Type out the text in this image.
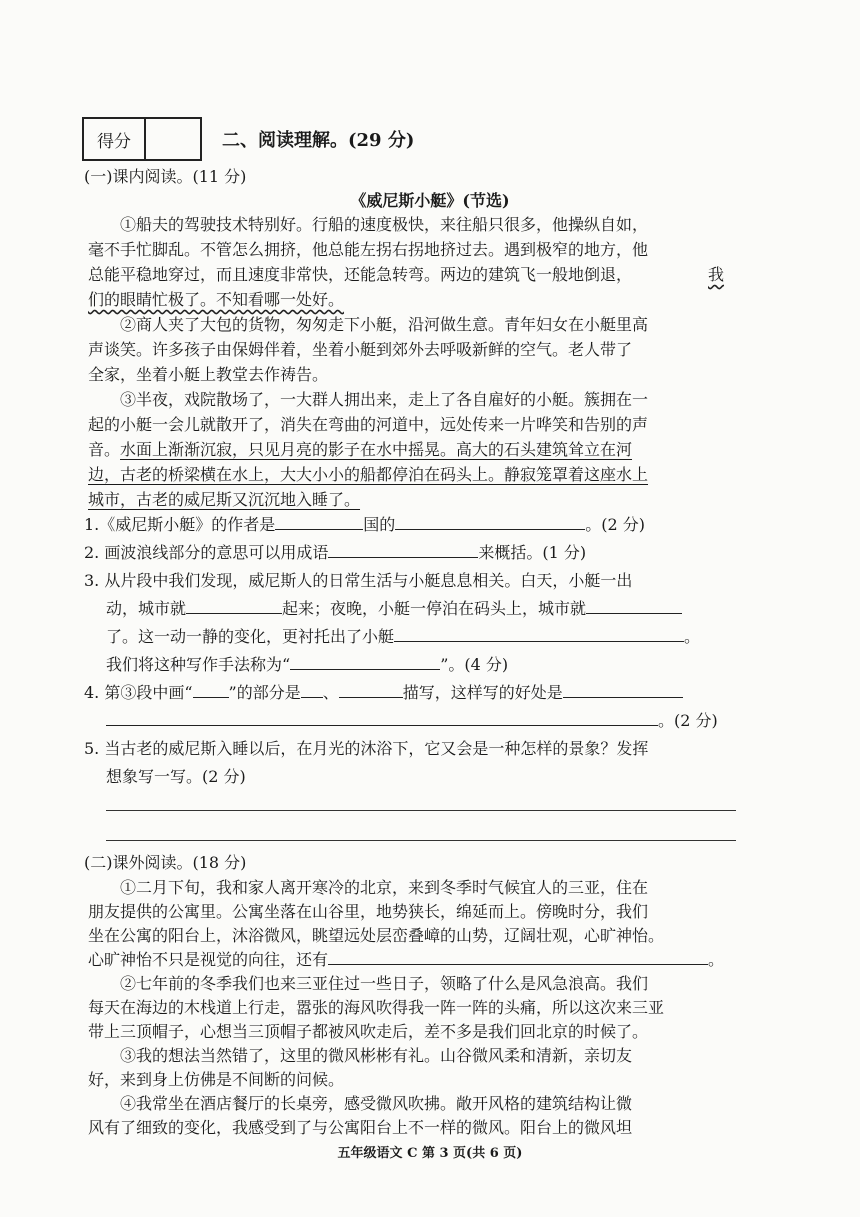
得分	二、阅读理解。(29 分)
(一)课内阅读。(11 分)
《威尼斯小艇》(节选)
①船夫的驾驶技术特别好。行船的速度极快，来往船只很多，他操纵自如，
毫不手忙脚乱。不管怎么拥挤，他总能左拐右拐地挤过去。遇到极窄的地方，他
总能平稳地穿过，而且速度非常快，还能急转弯。两边的建筑飞一般地倒退，	我
们的眼睛忙极了。不知看哪一处好。
②商人夹了大包的货物，匆匆走下小艇，沿河做生意。青年妇女在小艇里高
声谈笑。许多孩子由保姆伴着，坐着小艇到郊外去呼吸新鲜的空气。老人带了
全家，坐着小艇上教堂去作祷告。
③半夜，戏院散场了，一大群人拥出来，走上了各自雇好的小艇。簇拥在一
起的小艇一会儿就散开了，消失在弯曲的河道中，远处传来一片哗笑和告别的声
音。 水面上渐渐沉寂，只见月亮的影子在水中摇晃。高大的石头建筑耸立在河
边，古老的桥梁横在水上，大大小小的船都停泊在码头上。静寂笼罩着这座水上
城市，古老的威尼斯又沉沉地入睡了。
1.《威尼斯小艇》的作者是	国的	。(2 分)
2. 画波浪线部分的意思可以用成语	来概括。(1 分)
3. 从片段中我们发现，威尼斯人的日常生活与小艇息息相关。白天，小艇一出
动，城市就	起来；夜晚，小艇一停泊在码头上，城市就
了。这一动一静的变化，更衬托出了小艇	。
我们将这种写作手法称为“	”。(4 分)
4. 第③段中画“ ”的部分是 、	描写，这样写的好处是
。(2 分)
5. 当古老的威尼斯入睡以后，在月光的沐浴下，它又会是一种怎样的景象？发挥
想象写一写。(2 分)
(二)课外阅读。(18 分)
①二月下旬，我和家人离开寒冷的北京，来到冬季时气候宜人的三亚，住在
朋友提供的公寓里。公寓坐落在山谷里，地势狭长，绵延而上。傍晚时分，我们
坐在公寓的阳台上，沐浴微风，眺望远处层峦叠嶂的山势，辽阔壮观，心旷神怡。
心旷神怡不只是视觉的向往，还有	。
②七年前的冬季我们也来三亚住过一些日子，领略了什么是风急浪高。我们
每天在海边的木栈道上行走，嚣张的海风吹得我一阵一阵的头痛，所以这次来三亚
带上三顶帽子，心想当三顶帽子都被风吹走后，差不多是我们回北京的时候了。
③我的想法当然错了，这里的微风彬彬有礼。山谷微风柔和清新，亲切友
好，来到身上仿佛是不间断的问候。
④我常坐在酒店餐厅的长桌旁，感受微风吹拂。敞开风格的建筑结构让微
风有了细致的变化，我感受到了与公寓阳台上不一样的微风。阳台上的微风坦
五年级语文 C 第 3 页(共 6 页)
